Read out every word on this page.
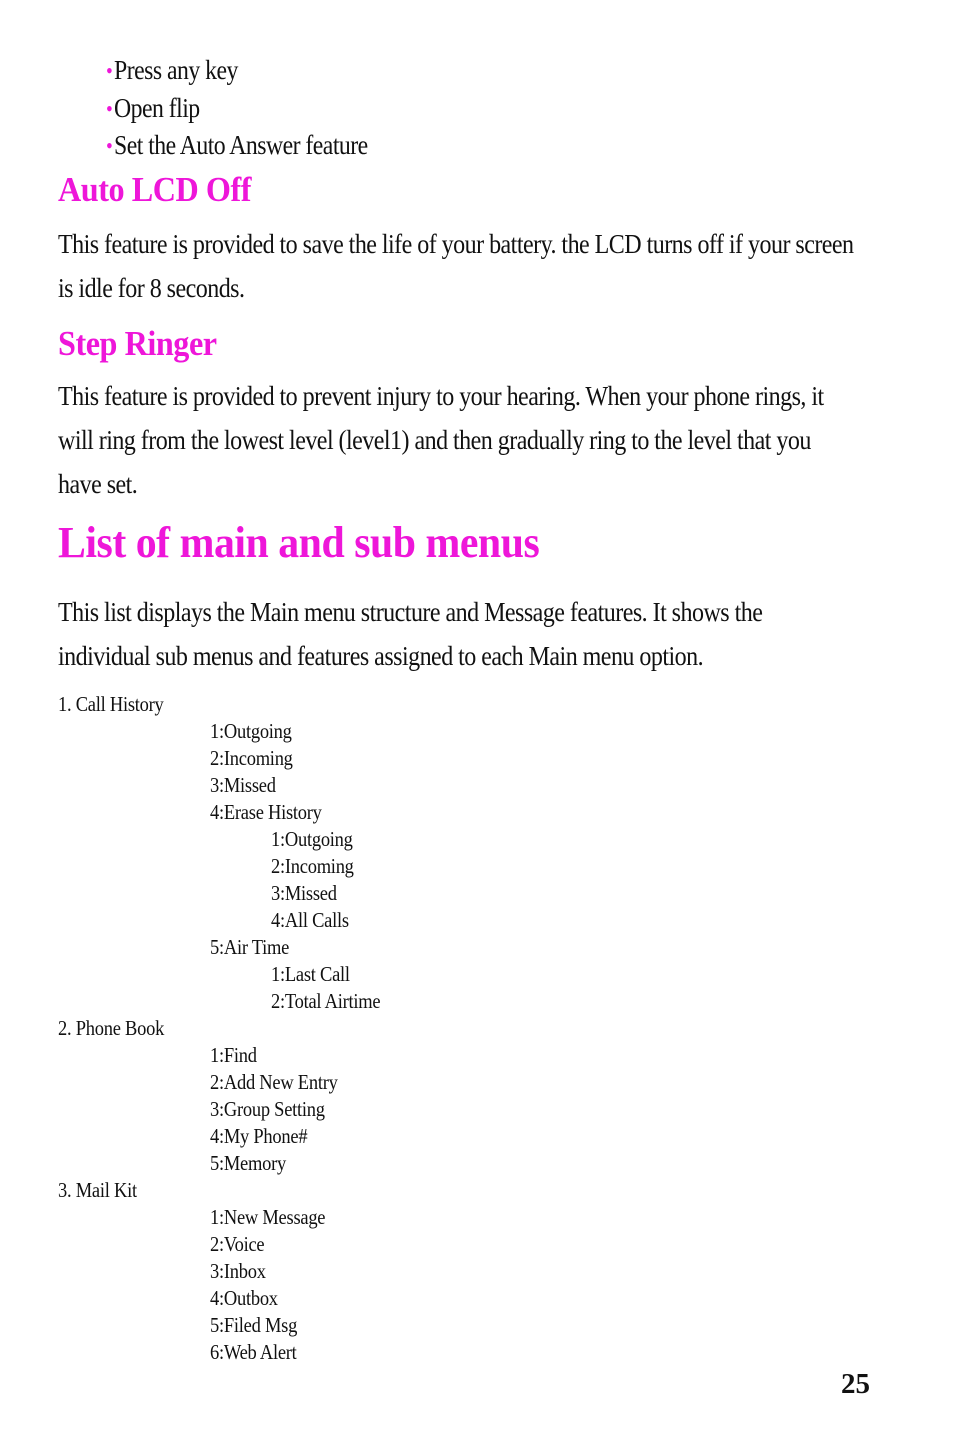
•Press any key
•Open flip
•Set the Auto Answer feature
Auto LCD Off
This feature is provided to save the life of your battery. the LCD turns off if your screen is idle for 8 seconds.
Step Ringer
This feature is provided to prevent injury to your hearing. When your phone rings, it will ring from the lowest level (level1) and then gradually ring to the level that you have set.
List of main and sub menus
This list displays the Main menu structure and Message features. It shows the individual sub menus and features assigned to each Main menu option.
1. Call History
1:Outgoing
2:Incoming
3:Missed
4:Erase History
1:Outgoing
2:Incoming
3:Missed
4:All Calls
5:Air Time
1:Last Call
2:Total Airtime
2. Phone Book
1:Find
2:Add New Entry
3:Group Setting
4:My Phone#
5:Memory
3. Mail Kit
1:New Message
2:Voice
3:Inbox
4:Outbox
5:Filed Msg
6:Web Alert
25
